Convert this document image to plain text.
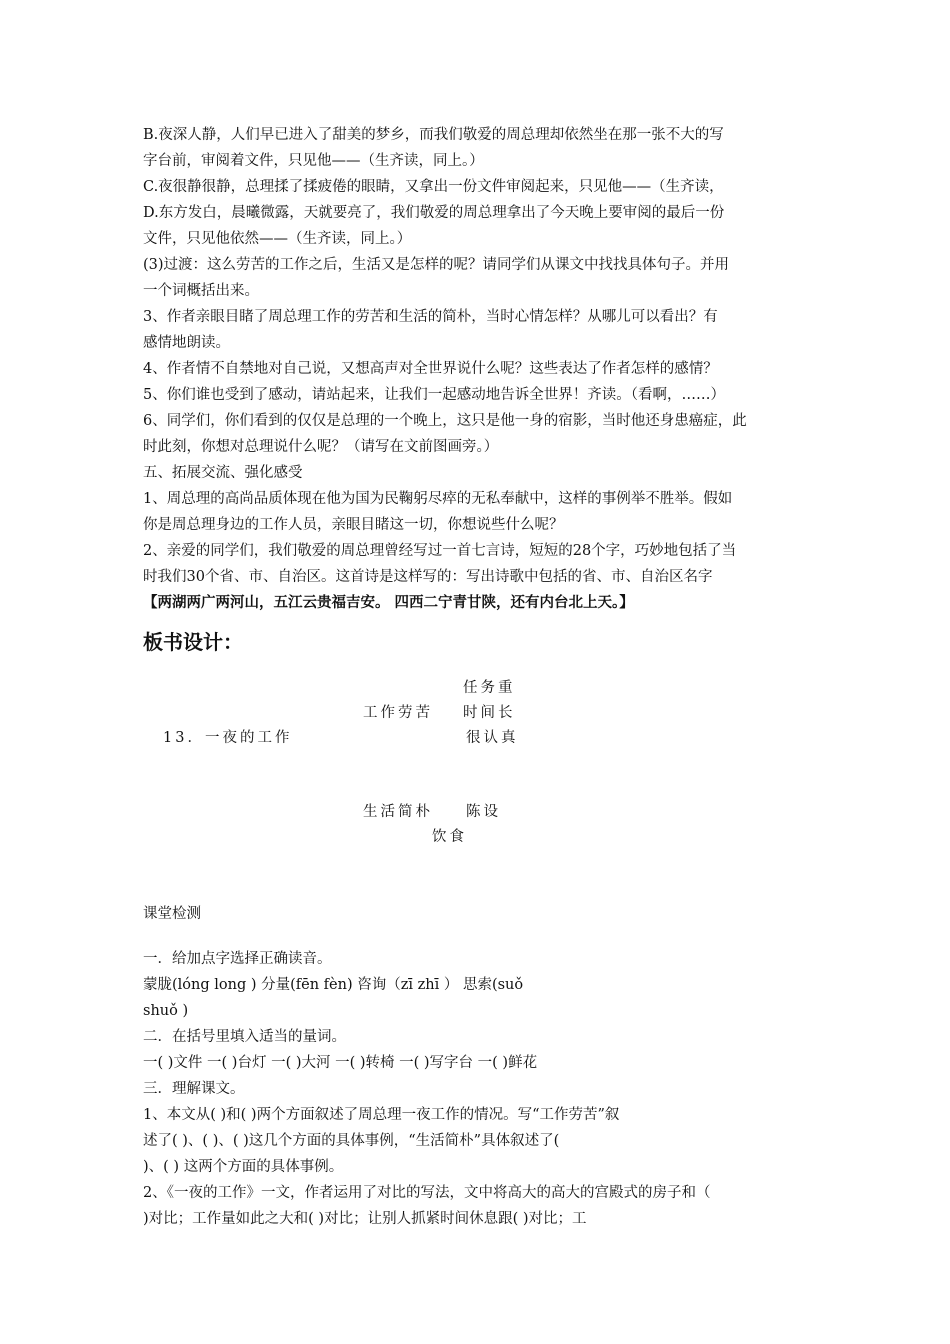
B.夜深人静，人们早已进入了甜美的梦乡，而我们敬爱的周总理却依然坐在那一张不大的写
字台前，审阅着文件，只见他——（生齐读，同上。）
C.夜很静很静，总理揉了揉疲倦的眼睛，又拿出一份文件审阅起来，只见他——（生齐读，
D.东方发白，晨曦微露，天就要亮了，我们敬爱的周总理拿出了今天晚上要审阅的最后一份
文件，只见他依然——（生齐读，同上。）
(3)过渡：这么劳苦的工作之后，生活又是怎样的呢？请同学们从课文中找找具体句子。并用
一个词概括出来。
3、作者亲眼目睹了周总理工作的劳苦和生活的简朴，当时心情怎样？从哪儿可以看出？有
感情地朗读。
4、作者情不自禁地对自己说，又想高声对全世界说什么呢？这些表达了作者怎样的感情？
5、你们谁也受到了感动，请站起来，让我们一起感动地告诉全世界！齐读。（看啊，……）
6、同学们，你们看到的仅仅是总理的一个晚上，这只是他一身的宿影，当时他还身患癌症，此
时此刻，你想对总理说什么呢？（请写在文前图画旁。）
五、拓展交流、强化感受
1、周总理的高尚品质体现在他为国为民鞠躬尽瘁的无私奉献中，这样的事例举不胜举。假如
你是周总理身边的工作人员，亲眼目睹这一切，你想说些什么呢？
2、亲爱的同学们，我们敬爱的周总理曾经写过一首七言诗，短短的28个字，巧妙地包括了当
时我们30个省、市、自治区。这首诗是这样写的：写出诗歌中包括的省、市、自治区名字
【两湖两广两河山，五江云贵福吉安。 四西二宁青甘陕，还有内台北上天。】
板书设计：
任务重
工作劳苦 时间长
13．一夜的工作	很认真
生活简朴 陈设
饮食
课堂检测
一．给加点字选择正确读音。
蒙胧(lóng long ) 分量(fēn fèn) 咨询（zī zhī ） 思索(suǒ
shuǒ )
二．在括号里填入适当的量词。
一( )文件 一( )台灯 一( )大河 一( )转椅 一( )写字台 一( )鲜花
三．理解课文。
1、本文从( )和( )两个方面叙述了周总理一夜工作的情况。写“工作劳苦”叙
述了( )、( )、( )这几个方面的具体事例，“生活简朴”具体叙述了(
)、( ) 这两个方面的具体事例。
2、《一夜的工作》一文，作者运用了对比的写法，文中将高大的高大的宫殿式的房子和（
)对比；工作量如此之大和( )对比；让别人抓紧时间休息跟( )对比；工
